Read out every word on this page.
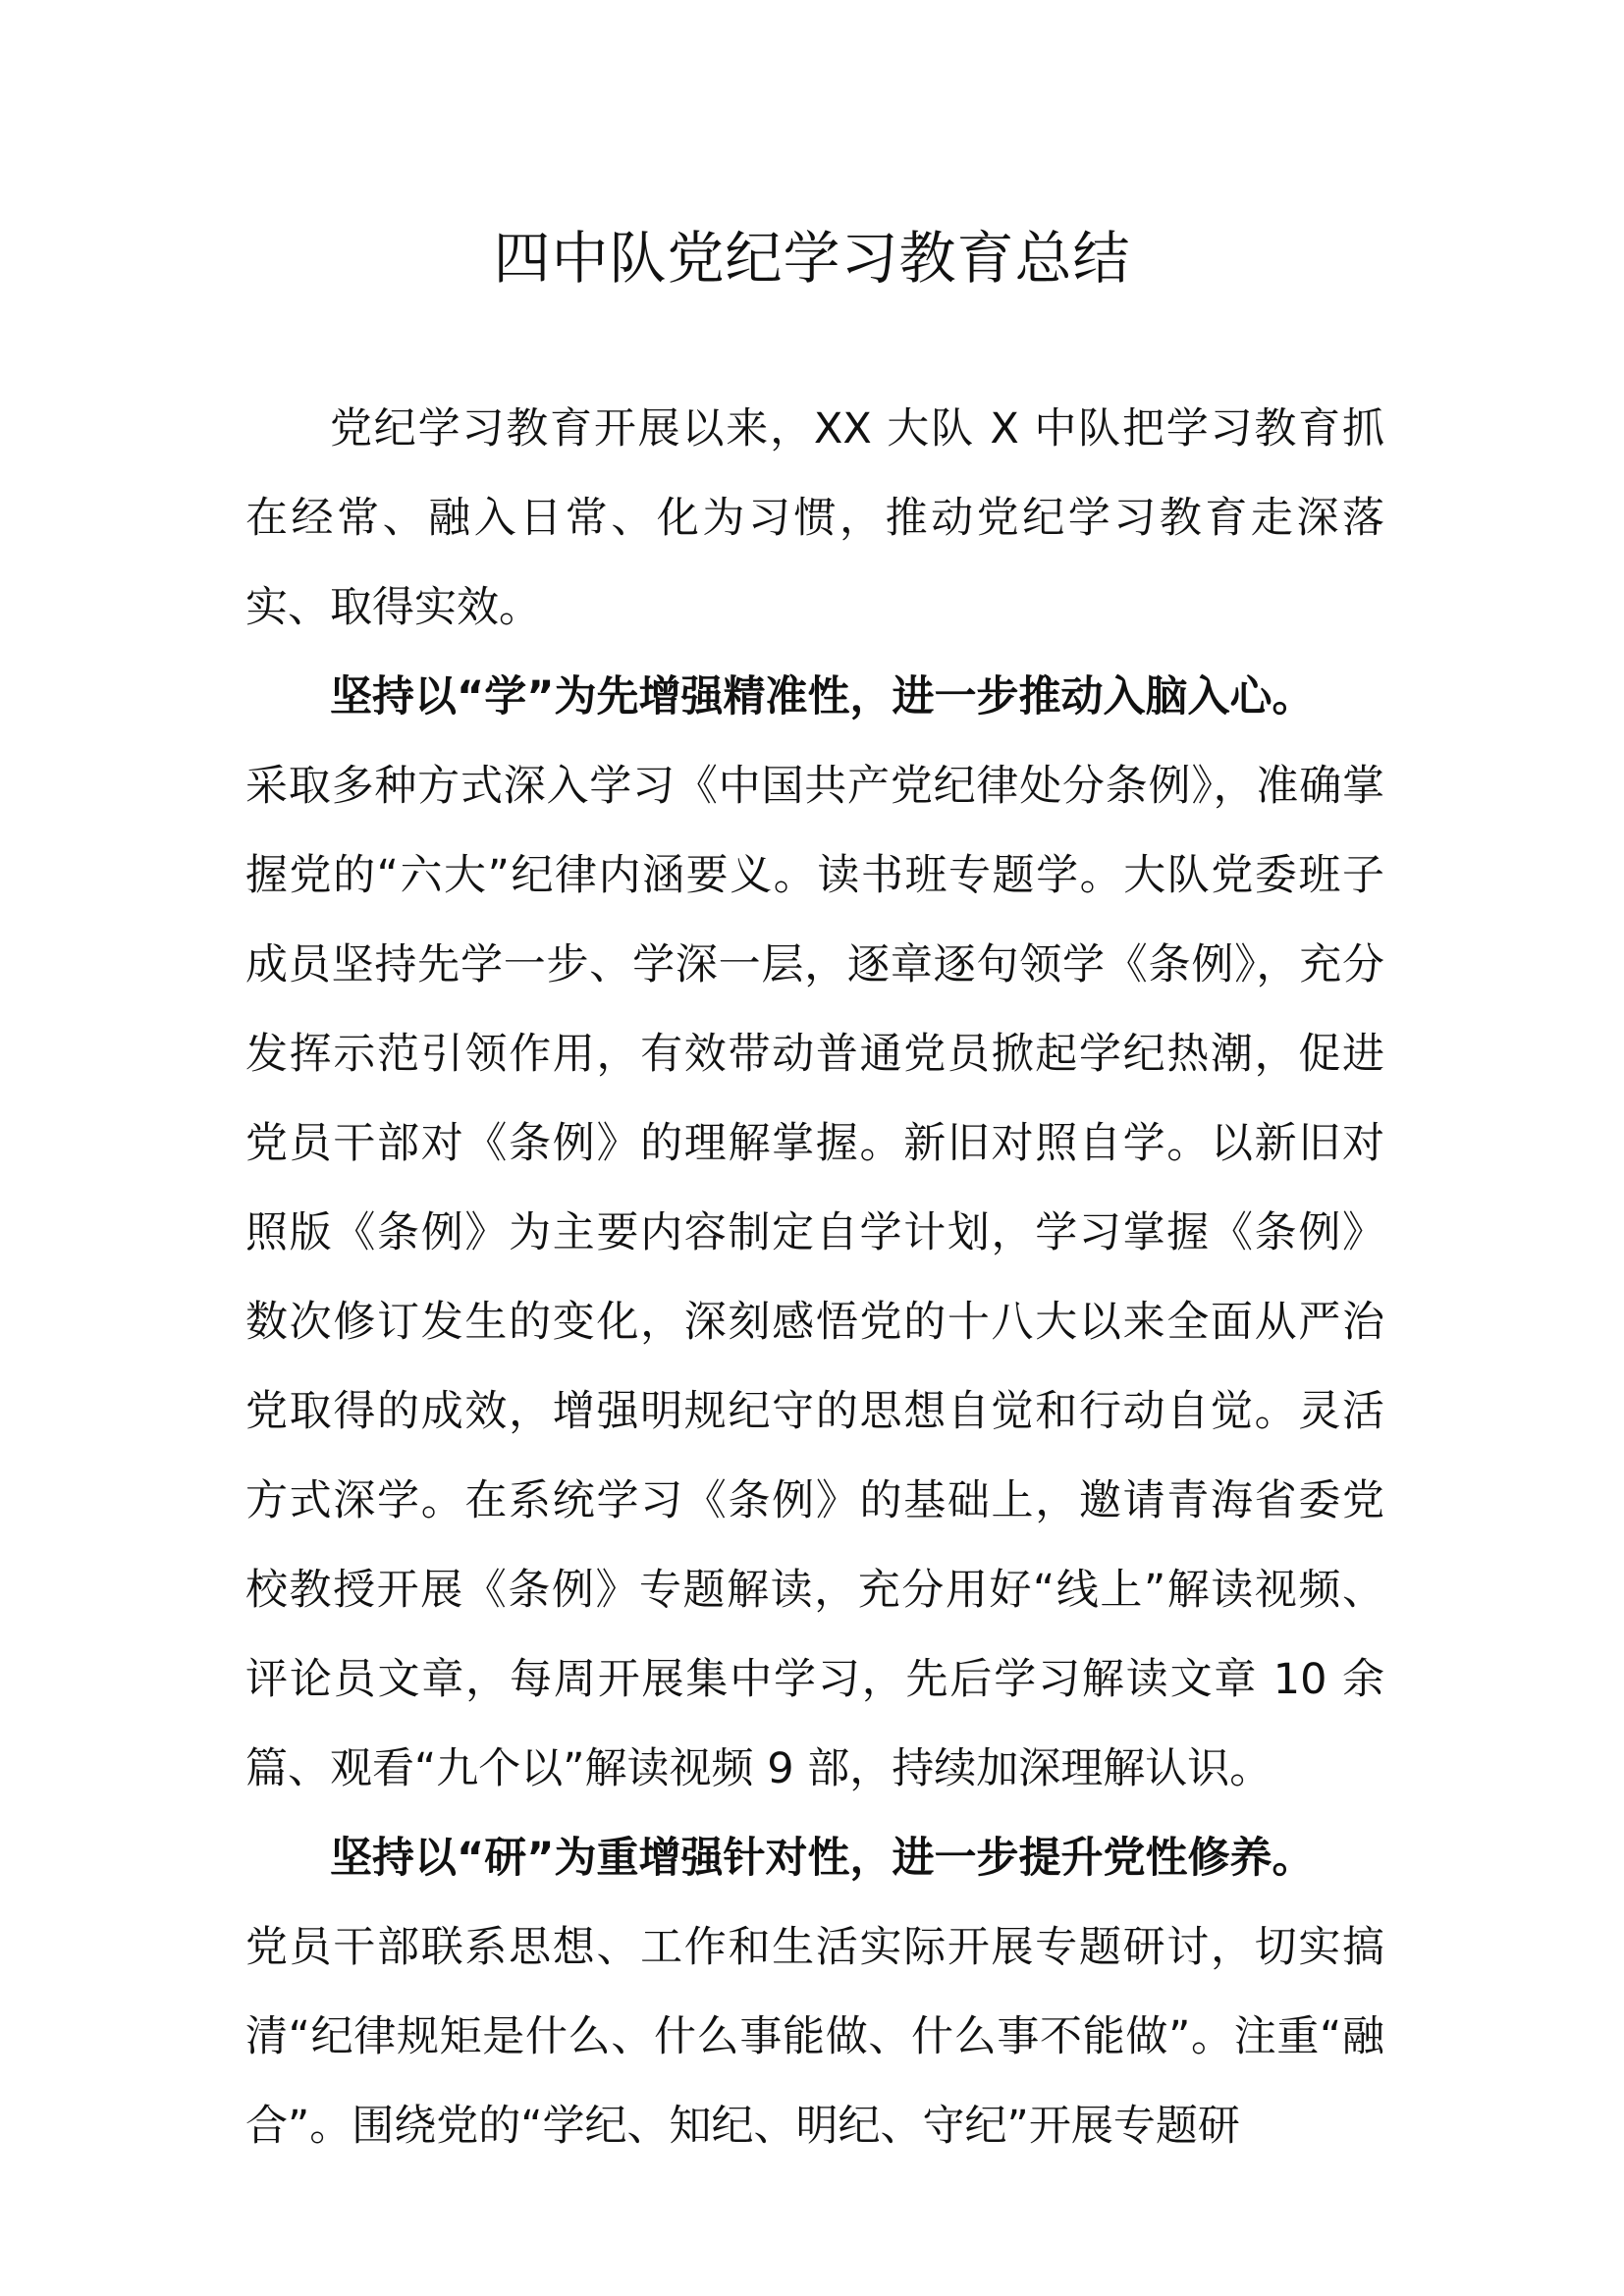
四中队党纪学习教育总结

党纪学习教育开展以来，XX 大队 X 中队把学习教育抓在经常、融入日常、化为习惯，推动党纪学习教育走深落实、取得实效。

坚持以“学”为先增强精准性，进一步推动入脑入心。

采取多种方式深入学习《中国共产党纪律处分条例》，准确掌握党的“六大”纪律内涵要义。读书班专题学。大队党委班子成员坚持先学一步、学深一层，逐章逐句领学《条例》，充分发挥示范引领作用，有效带动普通党员掀起学纪热潮，促进党员干部对《条例》的理解掌握。新旧对照自学。以新旧对照版《条例》为主要内容制定自学计划，学习掌握《条例》数次修订发生的变化，深刻感悟党的十八大以来全面从严治党取得的成效，增强明规纪守的思想自觉和行动自觉。灵活方式深学。在系统学习《条例》的基础上，邀请青海省委党校教授开展《条例》专题解读，充分用好“线上”解读视频、评论员文章，每周开展集中学习，先后学习解读文章 10 余篇、观看“九个以”解读视频 9 部，持续加深理解认识。

坚持以“研”为重增强针对性，进一步提升党性修养。

党员干部联系思想、工作和生活实际开展专题研讨，切实搞清“纪律规矩是什么、什么事能做、什么事不能做”。注重“融合”。围绕党的“学纪、知纪、明纪、守纪”开展专题研
